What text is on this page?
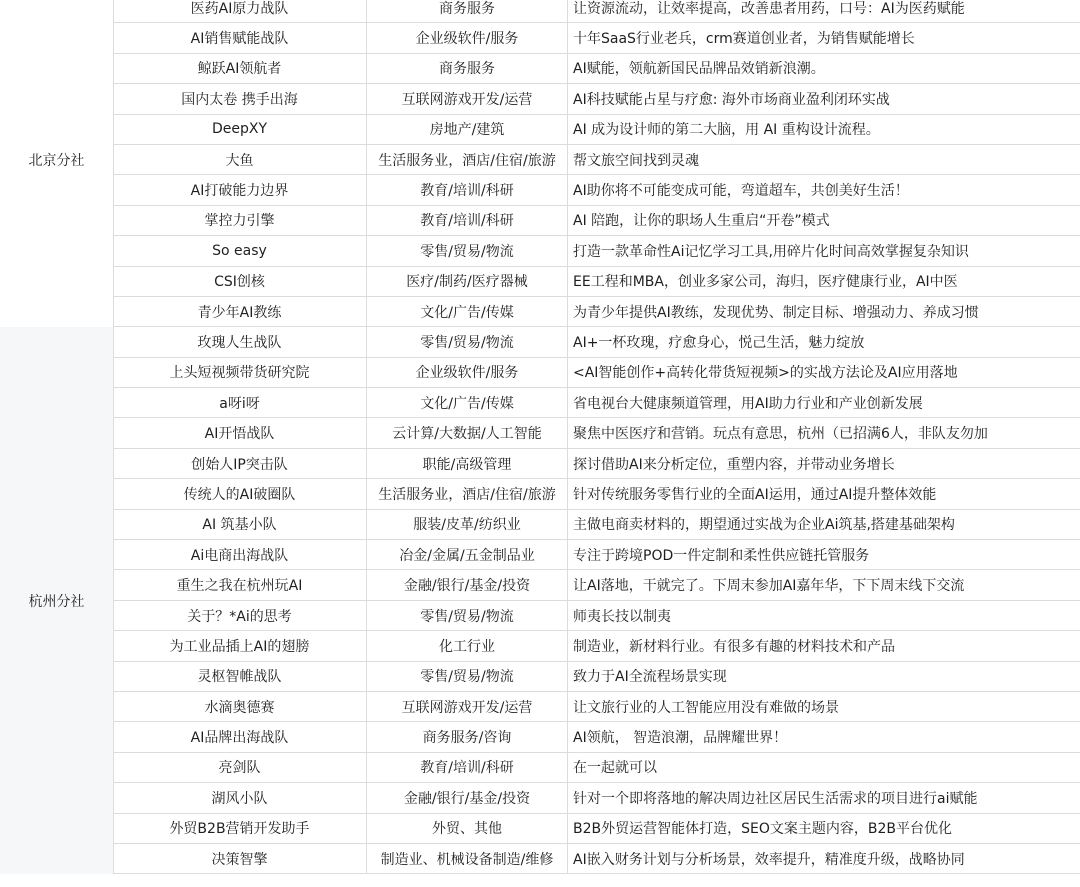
北京分社
医药AI原力战队	商务服务	让资源流动，让效率提高，改善患者用药，口号：AI为医药赋能
AI销售赋能战队	企业级软件/服务	十年SaaS行业老兵，crm赛道创业者，为销售赋能增长
鲸跃AI领航者	商务服务	AI赋能，领航新国民品牌品效销新浪潮。
国内太卷 携手出海	互联网游戏开发/运营	AI科技赋能占星与疗愈: 海外市场商业盈利闭环实战
DeepXY	房地产/建筑	AI 成为设计师的第二大脑，用 AI 重构设计流程。
大鱼	生活服务业，酒店/住宿/旅游	帮文旅空间找到灵魂
AI打破能力边界	教育/培训/科研	AI助你将不可能变成可能，弯道超车，共创美好生活！
掌控力引擎	教育/培训/科研	AI 陪跑，让你的职场人生重启“开卷”模式
So easy	零售/贸易/物流	打造一款革命性Ai记忆学习工具,用碎片化时间高效掌握复杂知识
CSI创核	医疗/制药/医疗器械	EE工程和MBA，创业多家公司，海归，医疗健康行业，AI中医
青少年AI教练	文化/广告/传媒	为青少年提供AI教练，发现优势、制定目标、增强动力、养成习惯
杭州分社
玫瑰人生战队	零售/贸易/物流	AI+一杯玫瑰，疗愈身心，悦己生活，魅力绽放
上头短视频带货研究院	企业级软件/服务	<AI智能创作+高转化带货短视频>的实战方法论及AI应用落地
a呀i呀	文化/广告/传媒	省电视台大健康频道管理，用AI助力行业和产业创新发展
AI开悟战队	云计算/大数据/人工智能	聚焦中医医疗和营销。玩点有意思，杭州（已招满6人，非队友勿加
创始人IP突击队	职能/高级管理	探讨借助AI来分析定位，重塑内容，并带动业务增长
传统人的AI破圈队	生活服务业，酒店/住宿/旅游	针对传统服务零售行业的全面AI运用，通过AI提升整体效能
AI 筑基小队	服装/皮革/纺织业	主做电商卖材料的，期望通过实战为企业Ai筑基,搭建基础架构
Ai电商出海战队	冶金/金属/五金制品业	专注于跨境POD一件定制和柔性供应链托管服务
重生之我在杭州玩AI	金融/银行/基金/投资	让AI落地，干就完了。下周末参加AI嘉年华，下下周末线下交流
关于？*Ai的思考	零售/贸易/物流	师夷长技以制夷
为工业品插上AI的翅膀	化工行业	制造业，新材料行业。有很多有趣的材料技术和产品
灵枢智帷战队	零售/贸易/物流	致力于AI全流程场景实现
水滴奥德赛	互联网游戏开发/运营	让文旅行业的人工智能应用没有难做的场景
AI品牌出海战队	商务服务/咨询	AI领航， 智造浪潮，品牌耀世界！
亮剑队	教育/培训/科研	在一起就可以
湖风小队	金融/银行/基金/投资	针对一个即将落地的解决周边社区居民生活需求的项目进行ai赋能
外贸B2B营销开发助手	外贸、其他	B2B外贸运营智能体打造，SEO文案主题内容，B2B平台优化
决策智擎	制造业、机械设备制造/维修	AI嵌入财务计划与分析场景，效率提升，精准度升级，战略协同
